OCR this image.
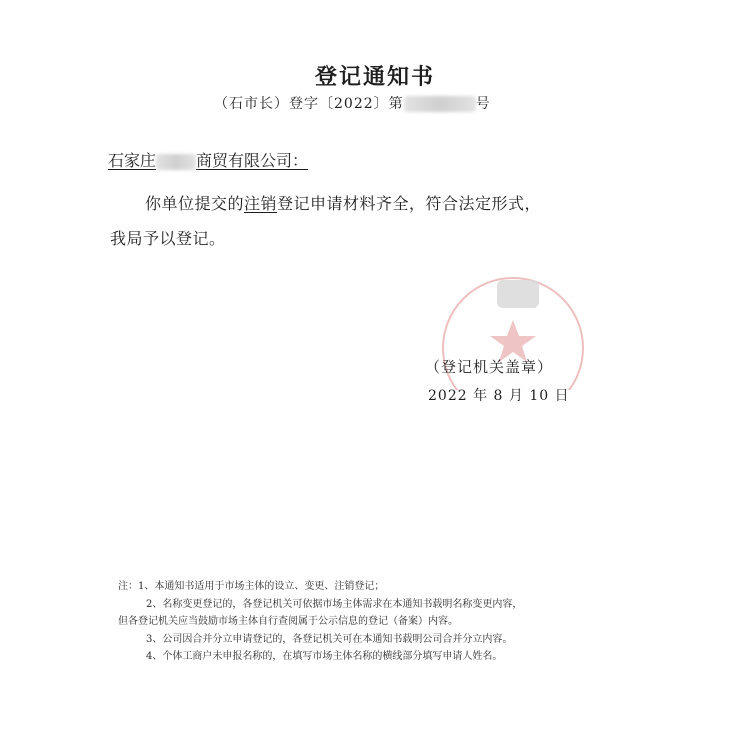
登记通知书
（石市长）登字〔2022〕第	号
石家庄	商贸有限公司：
你单位提交的注销登记申请材料齐全，符合法定形式，
我局予以登记。
（登记机关盖章）
2022 年 8 月 10 日
注：1、本通知书适用于市场主体的设立、变更、注销登记；
2、名称变更登记的，各登记机关可依据市场主体需求在本通知书载明名称变更内容，
但各登记机关应当鼓励市场主体自行查阅属于公示信息的登记（备案）内容。
3、公司因合并分立申请登记的，各登记机关可在本通知书载明公司合并分立内容。
4、个体工商户未申报名称的，在填写市场主体名称的横线部分填写申请人姓名。
